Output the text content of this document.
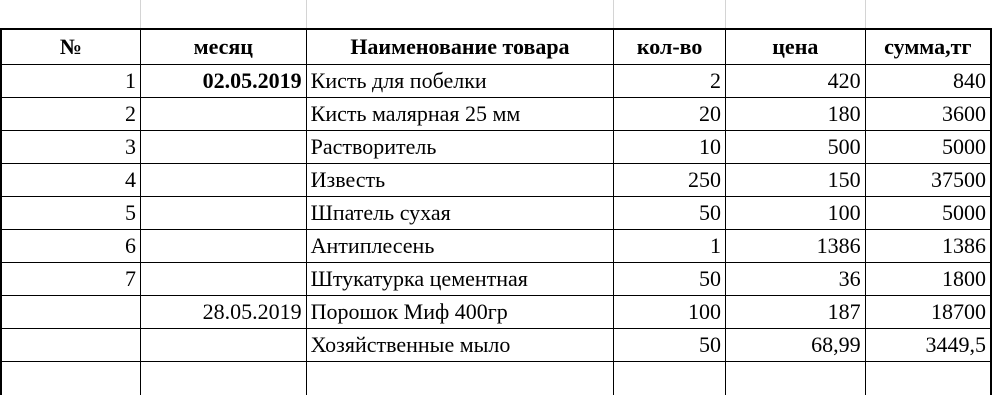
№	месяц	Наименование товара	кол-во	цена	сумма,тг
1	02.05.2019	Кисть для побелки	2	420	840
2		Кисть малярная 25 мм	20	180	3600
3		Растворитель	10	500	5000
4		Известь	250	150	37500
5		Шпатель сухая	50	100	5000
6		Антиплесень	1	1386	1386
7		Штукатурка цементная	50	36	1800
	28.05.2019	Порошок Миф 400гр	100	187	18700
		Хозяйственные мыло	50	68,99	3449,5
